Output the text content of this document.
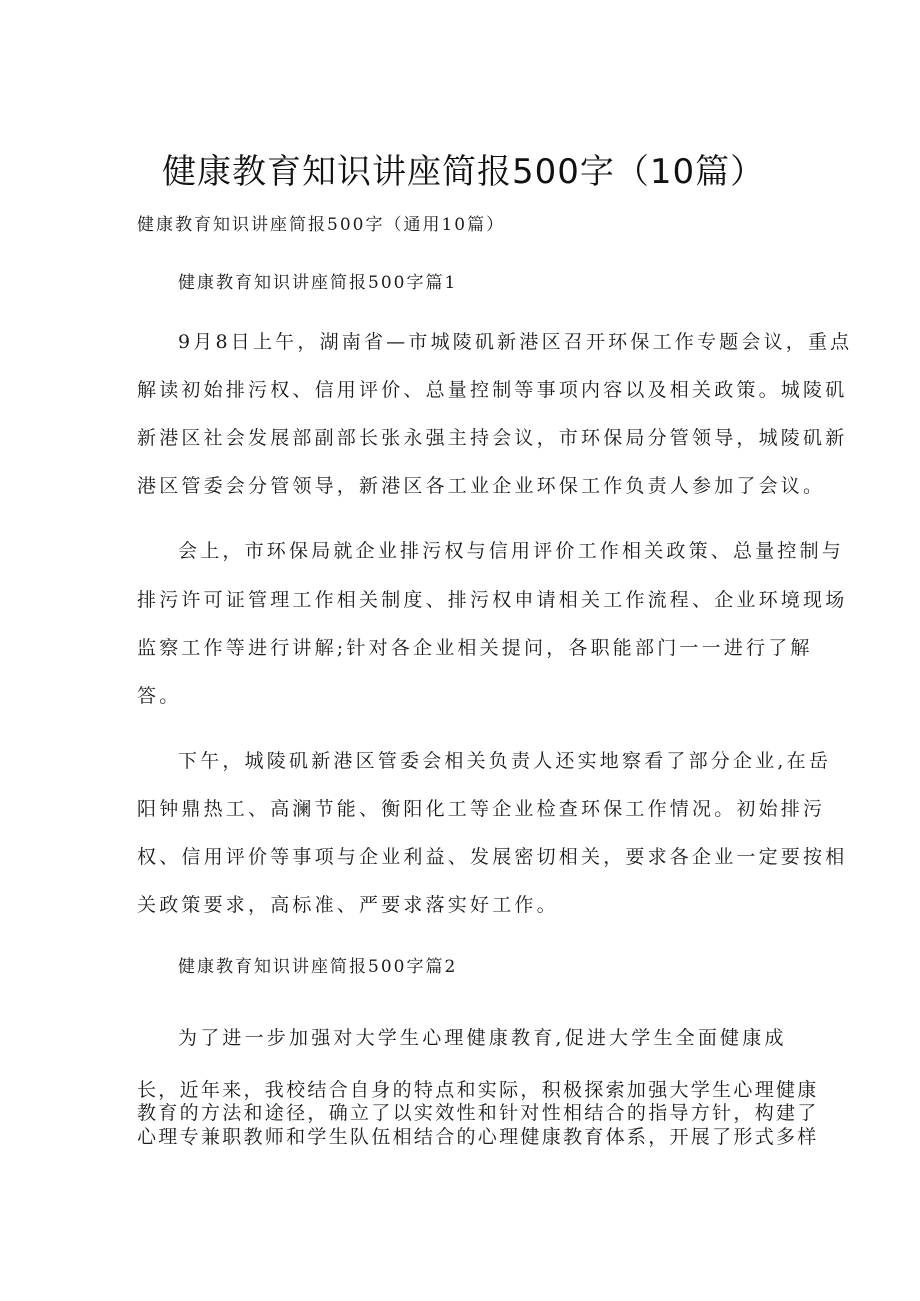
健康教育知识讲座简报500字（10篇）
健康教育知识讲座简报500字（通用10篇）
健康教育知识讲座简报500字篇1
9月8日上午，湖南省—市城陵矶新港区召开环保工作专题会议，重点
解读初始排污权、信用评价、总量控制等事项内容以及相关政策。城陵矶
新港区社会发展部副部长张永强主持会议，市环保局分管领导，城陵矶新
港区管委会分管领导，新港区各工业企业环保工作负责人参加了会议。
会上，市环保局就企业排污权与信用评价工作相关政策、总量控制与
排污许可证管理工作相关制度、排污权申请相关工作流程、企业环境现场
监察工作等进行讲解;针对各企业相关提问，各职能部门一一进行了解
答。
下午，城陵矶新港区管委会相关负责人还实地察看了部分企业,在岳
阳钟鼎热工、高澜节能、衡阳化工等企业检查环保工作情况。初始排污
权、信用评价等事项与企业利益、发展密切相关，要求各企业一定要按相
关政策要求，高标准、严要求落实好工作。
健康教育知识讲座简报500字篇2
为了进一步加强对大学生心理健康教育,促进大学生全面健康成
长，近年来，我校结合自身的特点和实际，积极探索加强大学生心理健康
教育的方法和途径，确立了以实效性和针对性相结合的指导方针，构建了
心理专兼职教师和学生队伍相结合的心理健康教育体系，开展了形式多样
